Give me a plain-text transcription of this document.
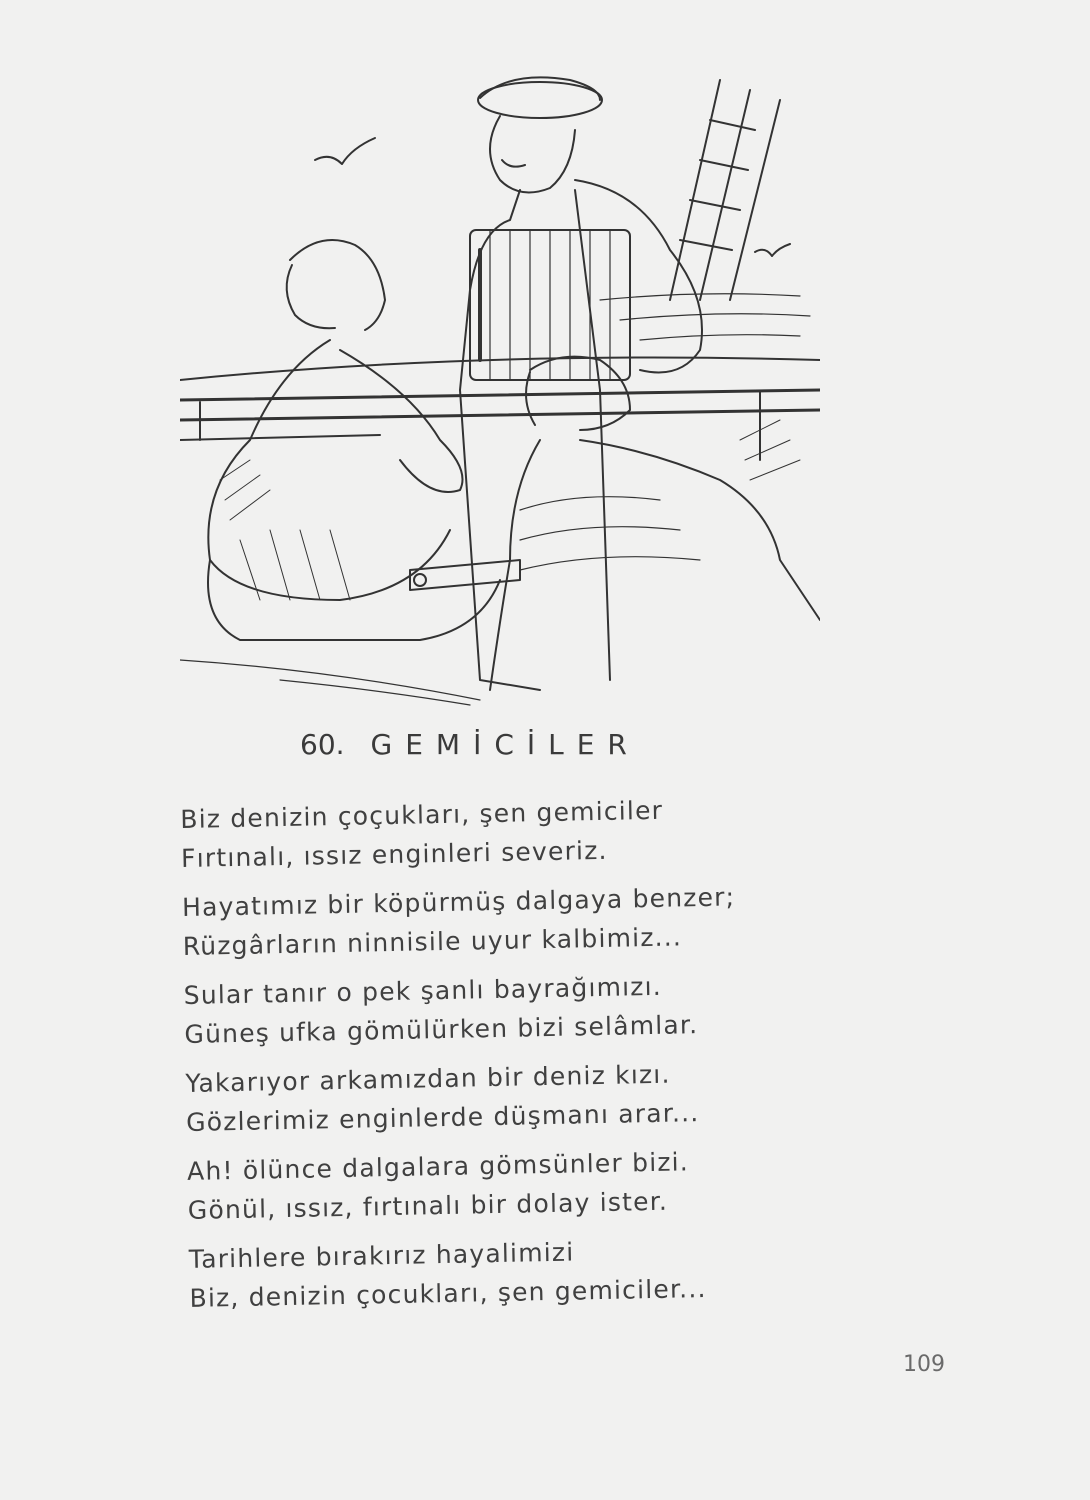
60. GEMİCİLER
Biz denizin çoçukları, şen gemiciler
Fırtınalı, ıssız enginleri severiz.
Hayatımız bir köpürmüş dalgaya benzer;
Rüzgârların ninnisile uyur kalbimiz...
Sular tanır o pek şanlı bayrağımızı.
Güneş ufka gömülürken bizi selâmlar.
Yakarıyor arkamızdan bir deniz kızı.
Gözlerimiz enginlerde düşmanı arar...
Ah! ölünce dalgalara gömsünler bizi.
Gönül, ıssız, fırtınalı bir dolay ister.
Tarihlere bırakırız hayalimizi
Biz, denizin çocukları, şen gemiciler...
109
